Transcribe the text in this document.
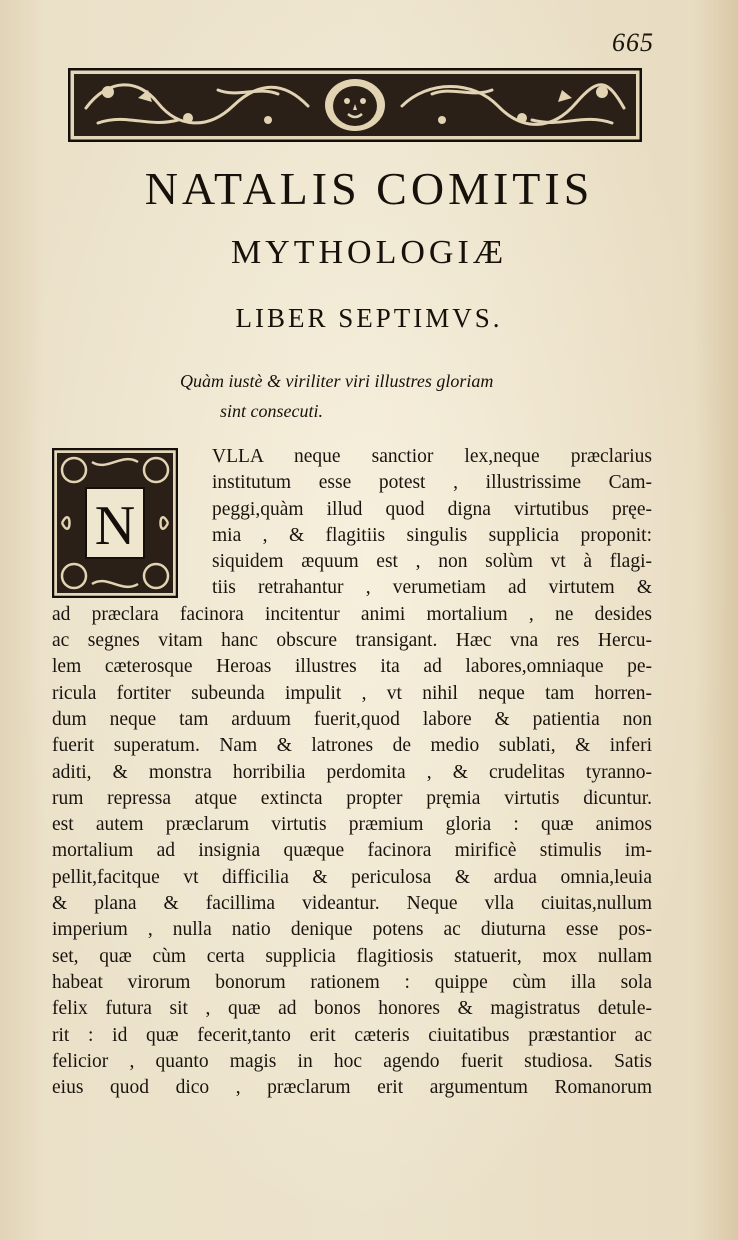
665
NATALIS COMITIS
MYTHOLOGIÆ
LIBER SEPTIMVS.
Quàm iustè & viriliter viri illustres gloriam
sint consecuti.
N
VLLA neque sanctior lex,neque præclarius
institutum esse potest , illustrissime Cam-
peggi,quàm illud quod digna virtutibus pręe-
mia , & flagitiis singulis supplicia proponit:
siquidem æquum est , non solùm vt à flagi-
tiis retrahantur , verumetiam ad virtutem &
ad præclara facinora incitentur animi mortalium , ne desides
ac segnes vitam hanc obscure transigant. Hæc vna res Hercu-
lem cæterosque Heroas illustres ita ad labores,omniaque pe-
ricula fortiter subeunda impulit , vt nihil neque tam horren-
dum neque tam arduum fuerit,quod labore & patientia non
fuerit superatum. Nam & latrones de medio sublati, & inferi
aditi, & monstra horribilia perdomita , & crudelitas tyranno-
rum repressa atque extincta propter pręmia virtutis dicuntur.
est autem præclarum virtutis præmium gloria : quæ animos
mortalium ad insignia quæque facinora mirificè stimulis im-
pellit,facitque vt difficilia & periculosa & ardua omnia,leuia
& plana & facillima videantur. Neque vlla ciuitas,nullum
imperium , nulla natio denique potens ac diuturna esse pos-
set, quæ cùm certa supplicia flagitiosis statuerit, mox nullam
habeat virorum bonorum rationem : quippe cùm illa sola
felix futura sit , quæ ad bonos honores & magistratus detule-
rit : id quæ fecerit,tanto erit cæteris ciuitatibus præstantior ac
felicior , quanto magis in hoc agendo fuerit studiosa. Satis
eius quod dico , præclarum erit argumentum Romanorum
